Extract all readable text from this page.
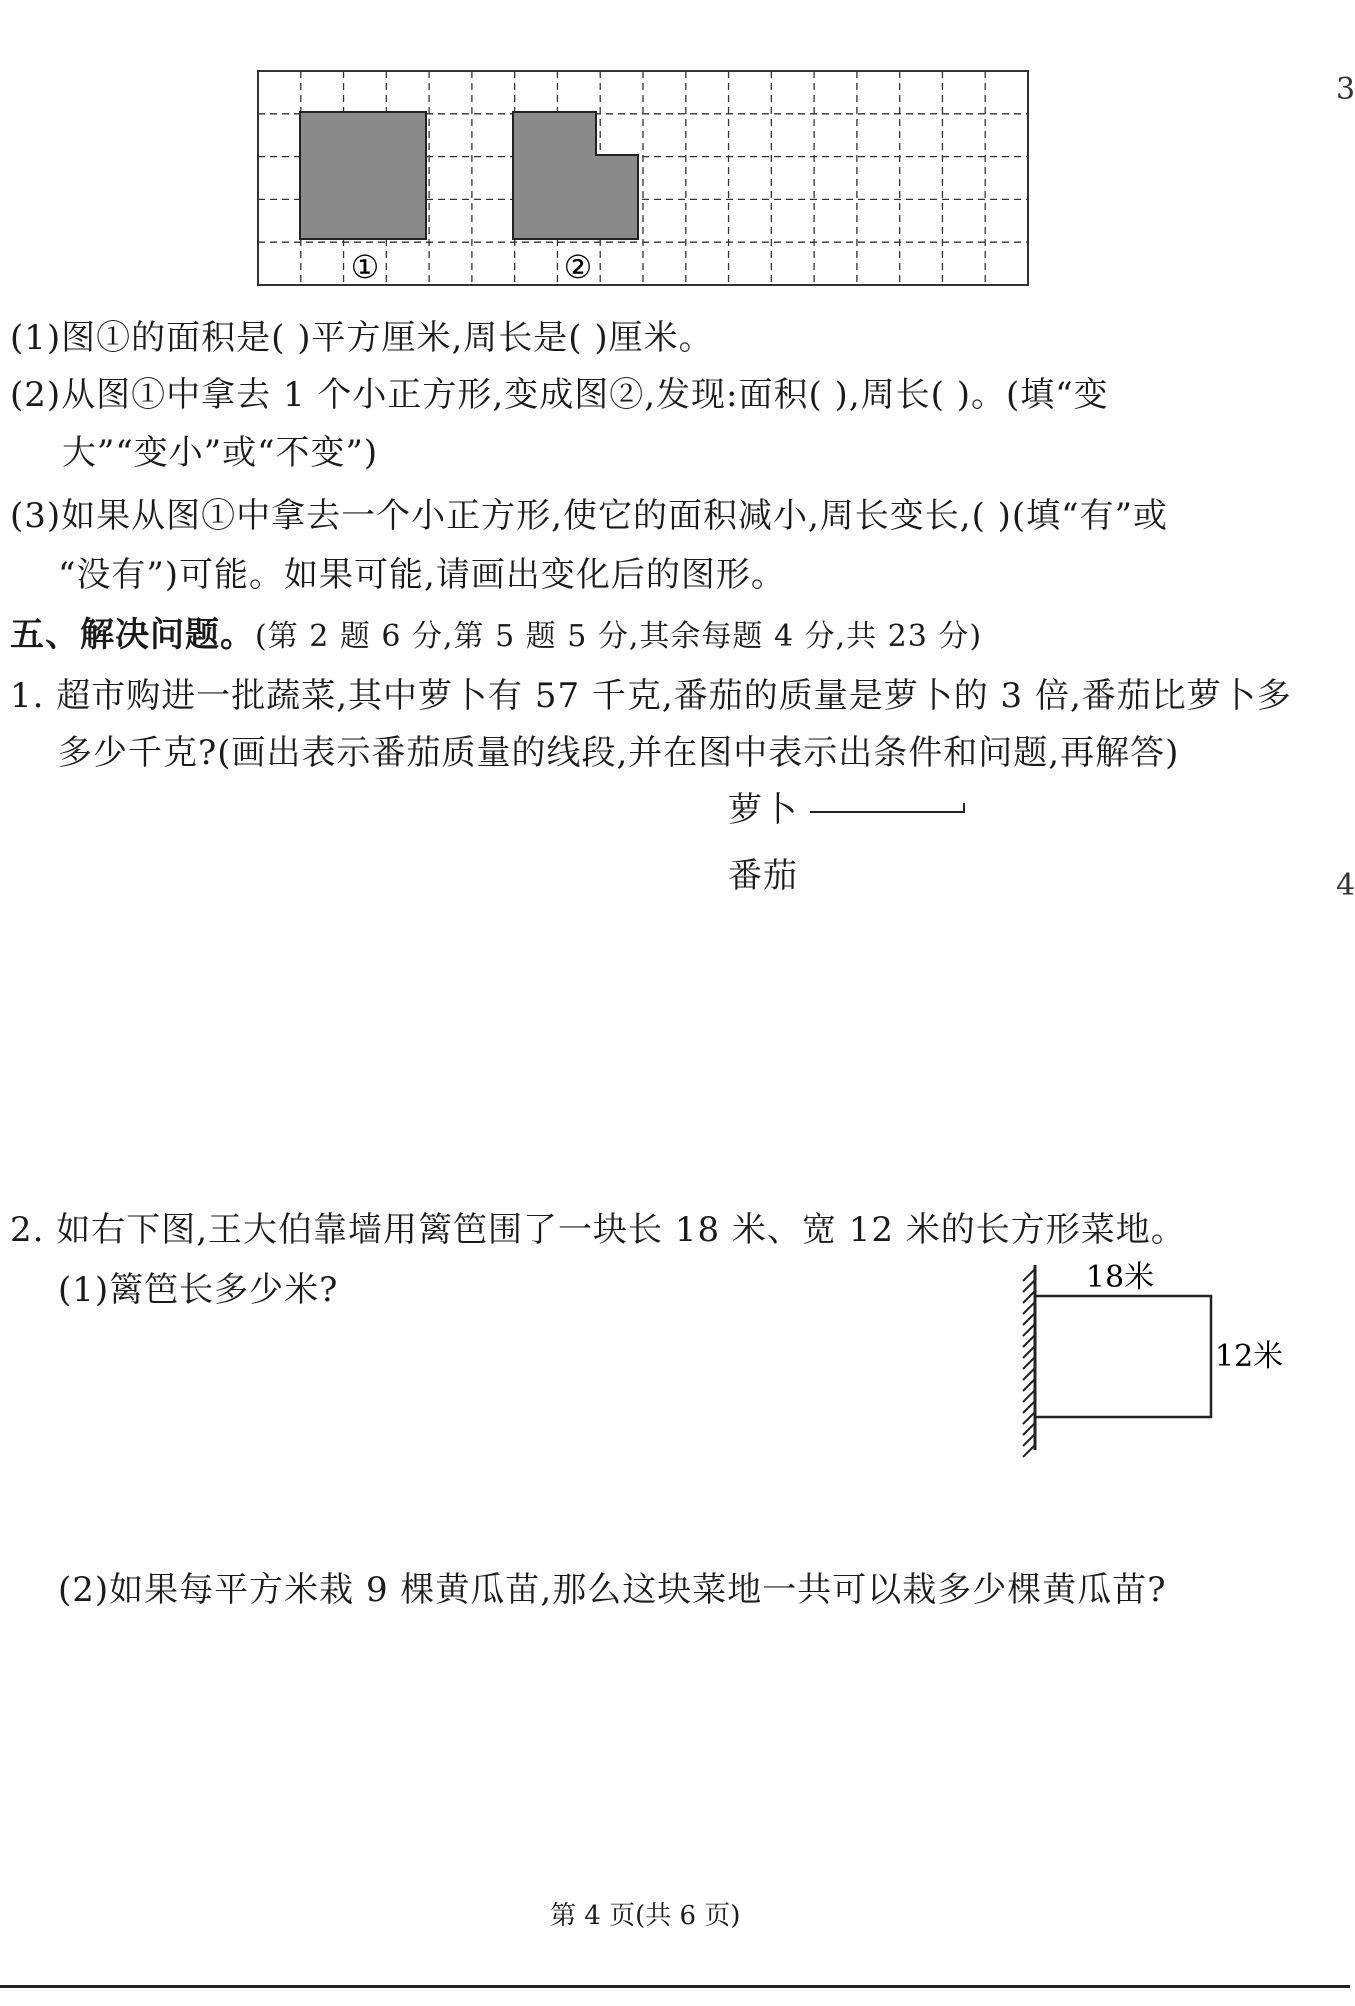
3
4
①	②
(1)图①的面积是( )平方厘米,周长是( )厘米。
(2)从图①中拿去 1 个小正方形,变成图②,发现:面积( ),周长( )。(填“变
大”“变小”或“不变”)
(3)如果从图①中拿去一个小正方形,使它的面积减小,周长变长,( )(填“有”或
“没有”)可能。如果可能,请画出变化后的图形。
五、解决问题。(第 2 题 6 分,第 5 题 5 分,其余每题 4 分,共 23 分)
1. 超市购进一批蔬菜,其中萝卜有 57 千克,番茄的质量是萝卜的 3 倍,番茄比萝卜多
多少千克?(画出表示番茄质量的线段,并在图中表示出条件和问题,再解答)
萝卜
番茄
2. 如右下图,王大伯靠墙用篱笆围了一块长 18 米、宽 12 米的长方形菜地。
(1)篱笆长多少米?	18米
12米
(2)如果每平方米栽 9 棵黄瓜苗,那么这块菜地一共可以栽多少棵黄瓜苗?
第 4 页(共 6 页)
